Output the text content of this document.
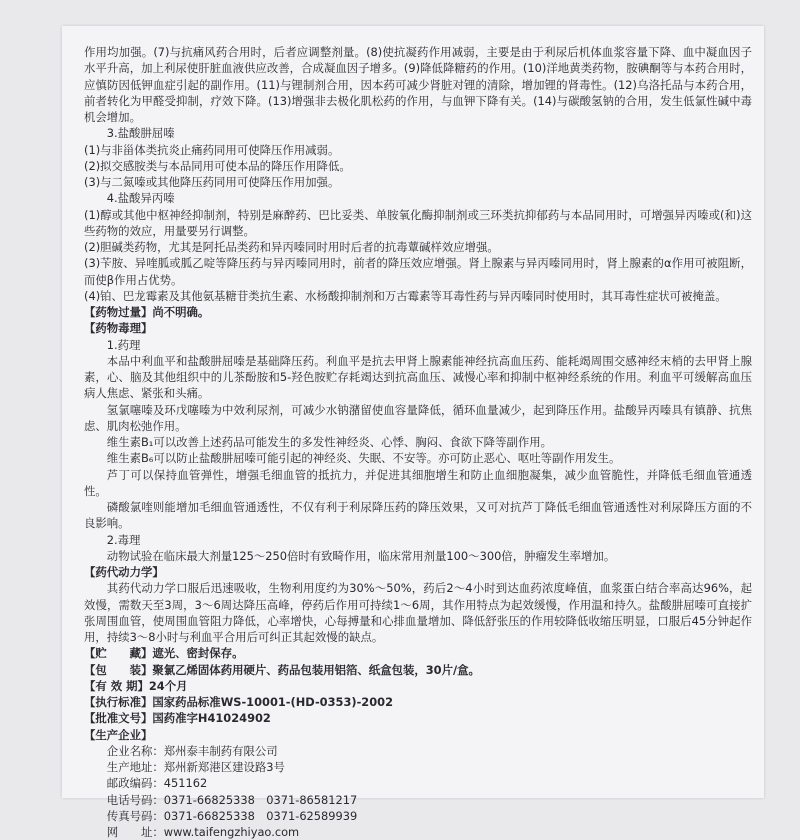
作用均加强。(7)与抗痛风药合用时，后者应调整剂量。(8)使抗凝药作用减弱，主要是由于利尿后机体血浆容量下降、血中凝血因子水平升高，加上利尿使肝脏血液供应改善，合成凝血因子增多。(9)降低降糖药的作用。(10)洋地黄类药物，胺碘酮等与本药合用时，应慎防因低钾血症引起的副作用。(11)与锂制剂合用，因本药可减少肾脏对锂的清除，增加锂的肾毒性。(12)乌洛托品与本药合用，前者转化为甲醛受抑制，疗效下降。(13)增强非去极化肌松药的作用，与血钾下降有关。(14)与碳酸氢钠的合用，发生低氯性碱中毒机会增加。

3.盐酸肼屈嗪

(1)与非甾体类抗炎止痛药同用可使降压作用减弱。

(2)拟交感胺类与本品同用可使本品的降压作用降低。

(3)与二氮嗪或其他降压药同用可使降压作用加强。

4.盐酸异丙嗪

(1)醇或其他中枢神经抑制剂，特别是麻醉药、巴比妥类、单胺氧化酶抑制剂或三环类抗抑郁药与本品同用时，可增强异丙嗪或(和)这些药物的效应，用量要另行调整。

(2)胆碱类药物，尤其是阿托品类药和异丙嗪同时用时后者的抗毒蕈碱样效应增强。

(3)苄胺、异喹胍或胍乙啶等降压药与异丙嗪同用时，前者的降压效应增强。肾上腺素与异丙嗪同用时，肾上腺素的α作用可被阻断，而使β作用占优势。

(4)铂、巴龙霉素及其他氨基糖苷类抗生素、水杨酸抑制剂和万古霉素等耳毒性药与异丙嗪同时使用时，其耳毒性症状可被掩盖。

【药物过量】尚不明确。

【药物毒理】

1.药理

本品中利血平和盐酸肼屈嗪是基础降压药。利血平是抗去甲肾上腺素能神经抗高血压药、能耗竭周围交感神经末梢的去甲肾上腺素，心、脑及其他组织中的儿茶酚胺和5-羟色胺贮存耗竭达到抗高血压、减慢心率和抑制中枢神经系统的作用。利血平可缓解高血压病人焦虑、紧张和头痛。

氢氯噻嗪及环戊噻嗪为中效利尿剂，可减少水钠潴留使血容量降低，循环血量减少，起到降压作用。盐酸异丙嗪具有镇静、抗焦虑、肌肉松弛作用。

维生素B₁可以改善上述药品可能发生的多发性神经炎、心悸、胸闷、食欲下降等副作用。

维生素B₆可以防止盐酸肼屈嗪可能引起的神经炎、失眠、不安等。亦可防止恶心、呕吐等副作用发生。

芦丁可以保持血管弹性，增强毛细血管的抵抗力，并促进其细胞增生和防止血细胞凝集，减少血管脆性，并降低毛细血管通透性。

磷酸氯喹则能增加毛细血管通透性，不仅有利于利尿降压药的降压效果，又可对抗芦丁降低毛细血管通透性对利尿降压方面的不良影响。

2.毒理

动物试验在临床最大剂量125～250倍时有致畸作用，临床常用剂量100～300倍，肿瘤发生率增加。

【药代动力学】

其药代动力学口服后迅速吸收，生物利用度约为30%～50%，药后2～4小时到达血药浓度峰值，血浆蛋白结合率高达96%，起效慢，需数天至3周，3～6周达降压高峰，停药后作用可持续1～6周，其作用特点为起效缓慢，作用温和持久。盐酸肼屈嗪可直接扩张周围血管，使周围血管阻力降低，心率增快，心每搏量和心排血量增加、降低舒张压的作用较降低收缩压明显，口服后45分钟起作用，持续3～8小时与利血平合用后可纠正其起效慢的缺点。

【贮　　藏】遮光、密封保存。

【包　　装】聚氯乙烯固体药用硬片、药品包装用铝箔、纸盒包装，30片/盒。

【有 效 期】24个月

【执行标准】国家药品标准WS-10001-(HD-0353)-2002

【批准文号】国药准字H41024902

【生产企业】

企业名称：郑州泰丰制药有限公司

生产地址：郑州新郑港区建设路3号

邮政编码：451162

电话号码：0371-66825338　0371-86581217

传真号码：0371-66825338　0371-62589939

网　　址：www.taifengzhiyao.com
